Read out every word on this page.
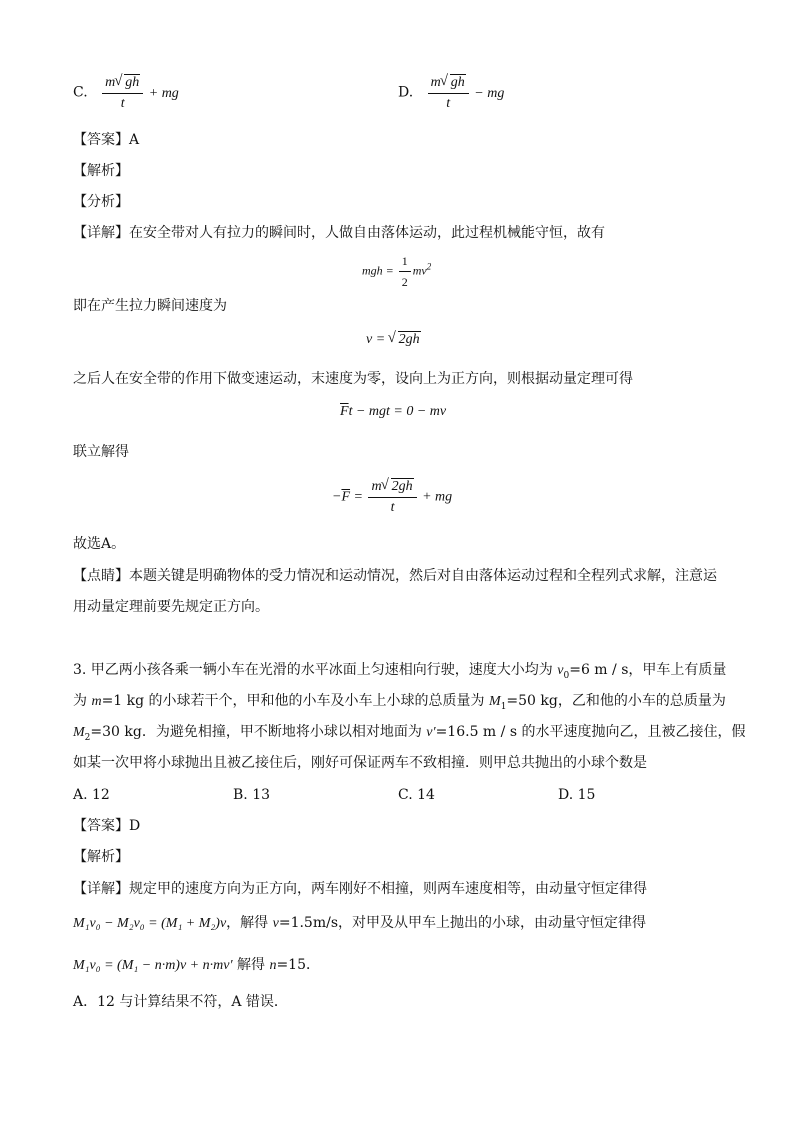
C. $\frac{m √ gh}{t}$ + mg	D. $\frac{m √ gh}{t}$ − mg
【答案】A
【解析】
【分析】
【详解】在安全带对人有拉力的瞬间时，人做自由落体运动，此过程机械能守恒，故有
mgh = $\frac{1}{2} mv^2$
即在产生拉力瞬间速度为
v = √ 2gh
之后人在安全带的作用下做变速运动，末速度为零，设向上为正方向，则根据动量定理可得
$\overline{F}t$ − mgt = 0 − mv
联立解得
$-\overline{F} = \frac{m √ 2gh}{t}$ + mg
故选A。
【点睛】本题关键是明确物体的受力情况和运动情况，然后对自由落体运动过程和全程列式求解，注意运
用动量定理前要先规定正方向。
3. 甲乙两小孩各乘一辆小车在光滑的水平冰面上匀速相向行驶，速度大小均为 $v_0=6$ m / s，甲车上有质量
为 m=1 kg 的小球若干个，甲和他的小车及小车上小球的总质量为 $M_1=50$ kg，乙和他的小车的总质量为
$M_2=30$ kg．为避免相撞，甲不断地将小球以相对地面为 v′=16.5 m / s 的水平速度抛向乙，且被乙接住，假
如某一次甲将小球抛出且被乙接住后，刚好可保证两车不致相撞．则甲总共抛出的小球个数是
A. 12	B. 13	C. 14	D. 15
【答案】D
【解析】
【详解】规定甲的速度方向为正方向，两车刚好不相撞，则两车速度相等，由动量守恒定律得
M₁v₀ − M₂v₀ = (M₁ + M₂)v，解得 v=1.5m/s，对甲及从甲车上抛出的小球，由动量守恒定律得
M₁v₀ = (M₁ − n·m)v + n·mv′ 解得 n=15．
A．12 与计算结果不符，A 错误．
